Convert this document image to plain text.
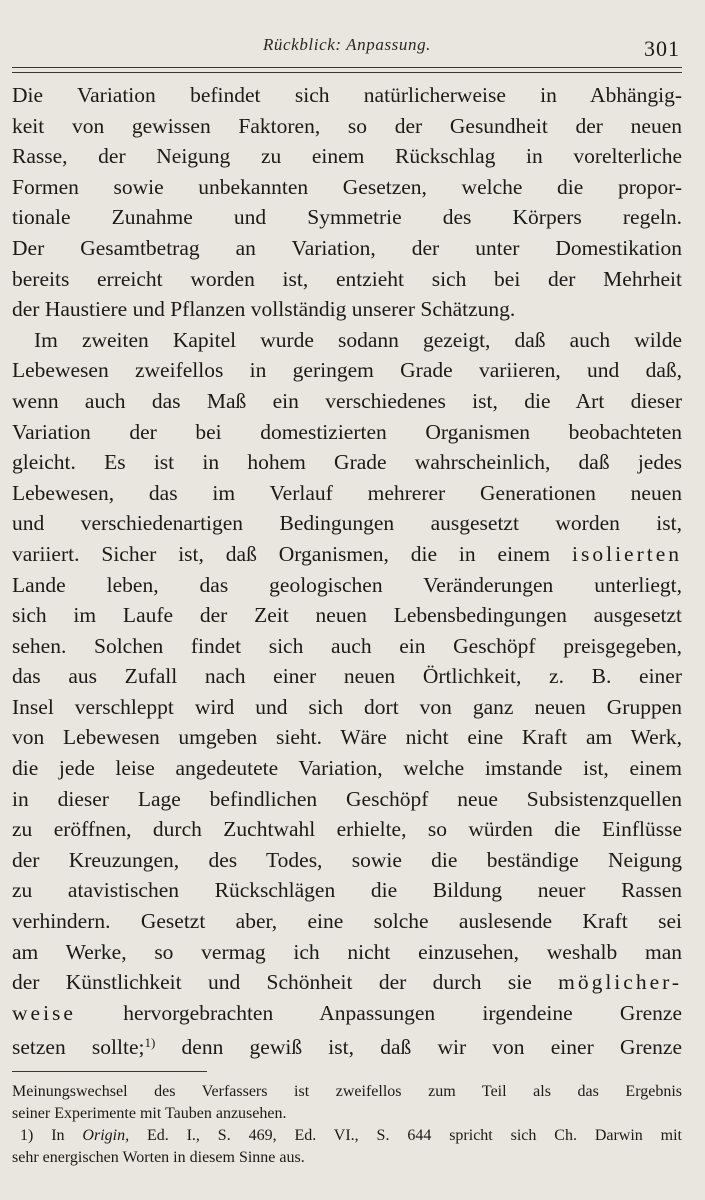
Rückblick: Anpassung.	301
Die Variation befindet sich natürlicherweise in Abhängig-
keit von gewissen Faktoren, so der Gesundheit der neuen
Rasse, der Neigung zu einem Rückschlag in vorelterliche
Formen sowie unbekannten Gesetzen, welche die propor-
tionale Zunahme und Symmetrie des Körpers regeln.
Der Gesamtbetrag an Variation, der unter Domestikation
bereits erreicht worden ist, entzieht sich bei der Mehrheit
der Haustiere und Pflanzen vollständig unserer Schätzung.
Im zweiten Kapitel wurde sodann gezeigt, daß auch wilde
Lebewesen zweifellos in geringem Grade variieren, und daß,
wenn auch das Maß ein verschiedenes ist, die Art dieser
Variation der bei domestizierten Organismen beobachteten
gleicht. Es ist in hohem Grade wahrscheinlich, daß jedes
Lebewesen, das im Verlauf mehrerer Generationen neuen
und verschiedenartigen Bedingungen ausgesetzt worden ist,
variiert. Sicher ist, daß Organismen, die in einem isolierten
Lande leben, das geologischen Veränderungen unterliegt,
sich im Laufe der Zeit neuen Lebensbedingungen ausgesetzt
sehen. Solchen findet sich auch ein Geschöpf preisgegeben,
das aus Zufall nach einer neuen Örtlichkeit, z. B. einer
Insel verschleppt wird und sich dort von ganz neuen Gruppen
von Lebewesen umgeben sieht. Wäre nicht eine Kraft am Werk,
die jede leise angedeutete Variation, welche imstande ist, einem
in dieser Lage befindlichen Geschöpf neue Subsistenzquellen
zu eröffnen, durch Zuchtwahl erhielte, so würden die Einflüsse
der Kreuzungen, des Todes, sowie die beständige Neigung
zu atavistischen Rückschlägen die Bildung neuer Rassen
verhindern. Gesetzt aber, eine solche auslesende Kraft sei
am Werke, so vermag ich nicht einzusehen, weshalb man
der Künstlichkeit und Schönheit der durch sie möglicher-
weise hervorgebrachten Anpassungen irgendeine Grenze
setzen sollte;$^{1)}$ denn gewiß ist, daß wir von einer Grenze
Meinungswechsel des Verfassers ist zweifellos zum Teil als das Ergebnis
seiner Experimente mit Tauben anzusehen.
1) In Origin, Ed. I., S. 469, Ed. VI., S. 644 spricht sich Ch. Darwin mit
sehr energischen Worten in diesem Sinne aus.
